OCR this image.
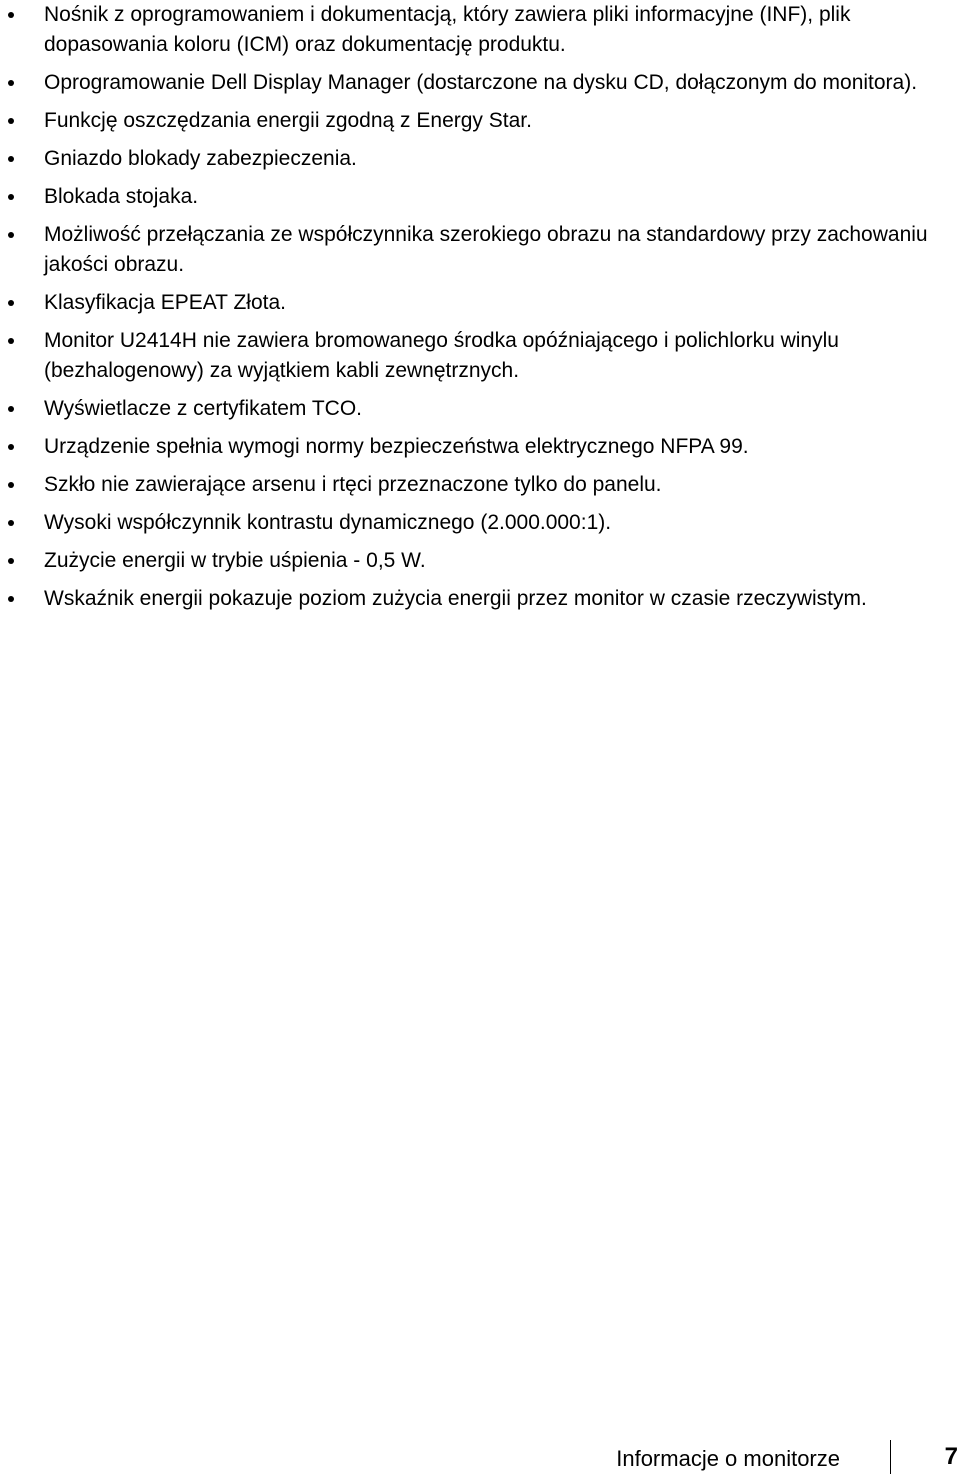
Nośnik z oprogramowaniem i dokumentacją, który zawiera pliki informacyjne (INF), plik dopasowania koloru (ICM) oraz dokumentację produktu.
Oprogramowanie Dell Display Manager (dostarczone na dysku CD, dołączonym do monitora).
Funkcję oszczędzania energii zgodną z Energy Star.
Gniazdo blokady zabezpieczenia.
Blokada stojaka.
Możliwość przełączania ze współczynnika szerokiego obrazu na standardowy przy zachowaniu jakości obrazu.
Klasyfikacja EPEAT Złota.
Monitor U2414H nie zawiera bromowanego środka opóźniającego i polichlorku winylu (bezhalogenowy) za wyjątkiem kabli zewnętrznych.
Wyświetlacze z certyfikatem TCO.
Urządzenie spełnia wymogi normy bezpieczeństwa elektrycznego NFPA 99.
Szkło nie zawierające arsenu i rtęci przeznaczone tylko do panelu.
Wysoki współczynnik kontrastu dynamicznego (2.000.000:1).
Zużycie energii w trybie uśpienia - 0,5 W.
Wskaźnik energii pokazuje poziom zużycia energii przez monitor w czasie rzeczywistym.
Informacje o monitorze	7
